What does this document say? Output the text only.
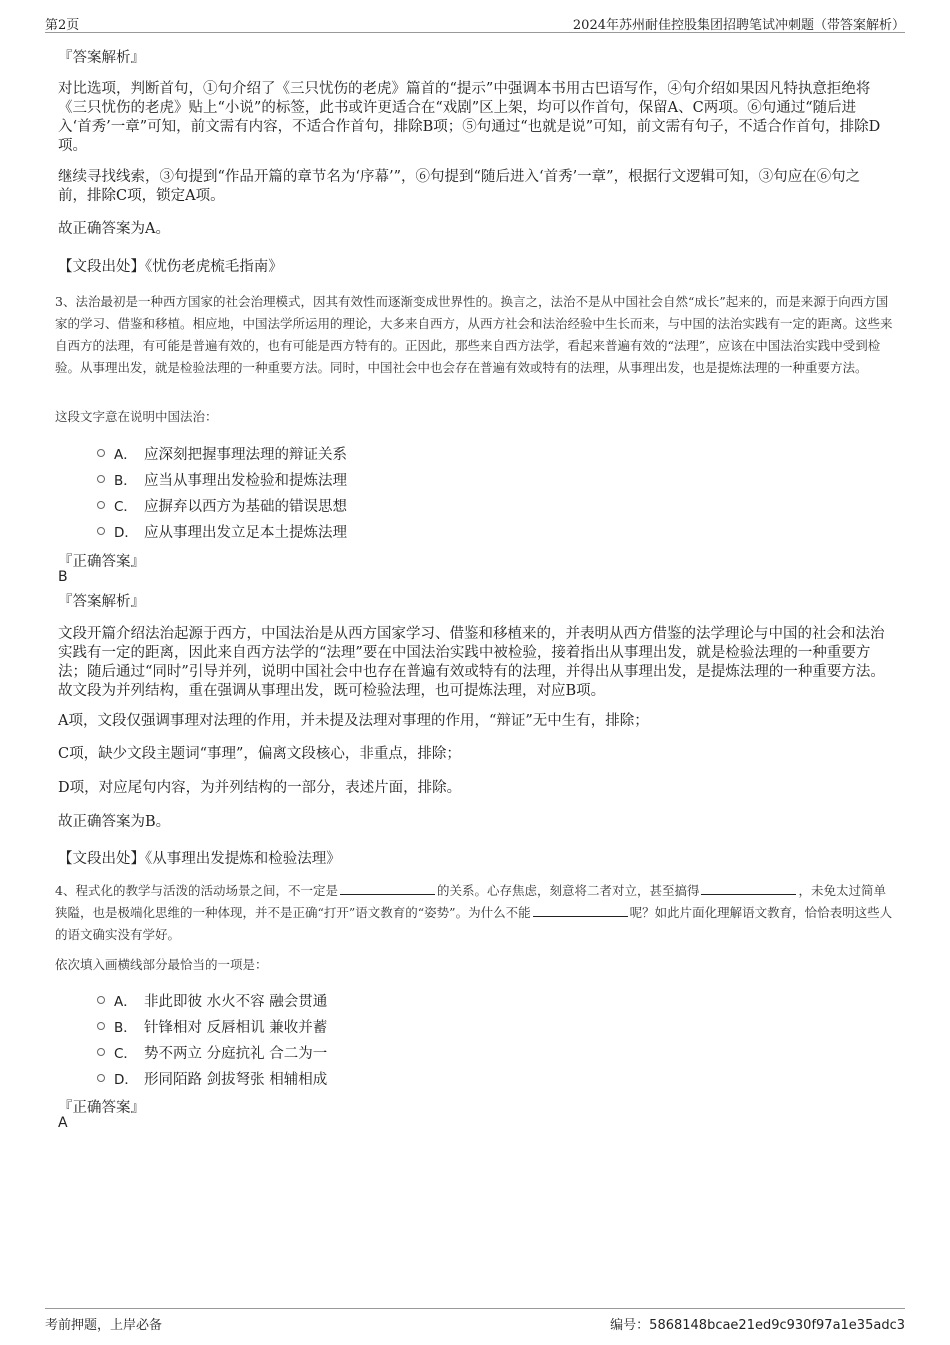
第2页	2024年苏州耐佳控股集团招聘笔试冲刺题（带答案解析）
『答案解析』
对比选项，判断首句，①句介绍了《三只忧伤的老虎》篇首的“提示”中强调本书用古巴语写作，④句介绍如果因凡特执意拒绝将《三只忧伤的老虎》贴上“小说”的标签，此书或许更适合在“戏剧”区上架，均可以作首句，保留A、C两项。⑥句通过“随后进入‘首秀’一章”可知，前文需有内容，不适合作首句，排除B项；⑤句通过“也就是说”可知，前文需有句子，不适合作首句，排除D项。
继续寻找线索，③句提到“作品开篇的章节名为‘序幕’”，⑥句提到“随后进入‘首秀’一章”，根据行文逻辑可知，③句应在⑥句之前，排除C项，锁定A项。
故正确答案为A。
【文段出处】《忧伤老虎梳毛指南》
3、法治最初是一种西方国家的社会治理模式，因其有效性而逐渐变成世界性的。换言之，法治不是从中国社会自然“成长”起来的，而是来源于向西方国家的学习、借鉴和移植。相应地，中国法学所运用的理论，大多来自西方，从西方社会和法治经验中生长而来，与中国的法治实践有一定的距离。这些来自西方的法理，有可能是普遍有效的，也有可能是西方特有的。正因此，那些来自西方法学，看起来普遍有效的“法理”，应该在中国法治实践中受到检验。从事理出发，就是检验法理的一种重要方法。同时，中国社会中也会存在普遍有效或特有的法理，从事理出发，也是提炼法理的一种重要方法。
这段文字意在说明中国法治：
A． 应深刻把握事理法理的辩证关系
B． 应当从事理出发检验和提炼法理
C． 应摒弃以西方为基础的错误思想
D． 应从事理出发立足本土提炼法理
『正确答案』
B
『答案解析』
文段开篇介绍法治起源于西方，中国法治是从西方国家学习、借鉴和移植来的，并表明从西方借鉴的法学理论与中国的社会和法治实践有一定的距离，因此来自西方法学的“法理”要在中国法治实践中被检验，接着指出从事理出发，就是检验法理的一种重要方法；随后通过“同时”引导并列，说明中国社会中也存在普遍有效或特有的法理，并得出从事理出发，是提炼法理的一种重要方法。故文段为并列结构，重在强调从事理出发，既可检验法理，也可提炼法理，对应B项。
A项，文段仅强调事理对法理的作用，并未提及法理对事理的作用，“辩证”无中生有，排除；
C项，缺少文段主题词“事理”，偏离文段核心，非重点，排除；
D项，对应尾句内容，为并列结构的一部分，表述片面，排除。
故正确答案为B。
【文段出处】《从事理出发提炼和检验法理》
4、程式化的教学与活泼的活动场景之间，不一定是	的关系。心存焦虑，刻意将二者对立，甚至搞得	，未免太过简单狭隘，也是极端化思维的一种体现，并不是正确“打开”语文教育的“姿势”。为什么不能	呢？如此片面化理解语文教育，恰恰表明这些人的语文确实没有学好。
依次填入画横线部分最恰当的一项是：
A． 非此即彼 水火不容 融会贯通
B． 针锋相对 反唇相讥 兼收并蓄
C． 势不两立 分庭抗礼 合二为一
D． 形同陌路 剑拔弩张 相辅相成
『正确答案』
A
考前押题，上岸必备	编号：5868148bcae21ed9c930f97a1e35adc3
